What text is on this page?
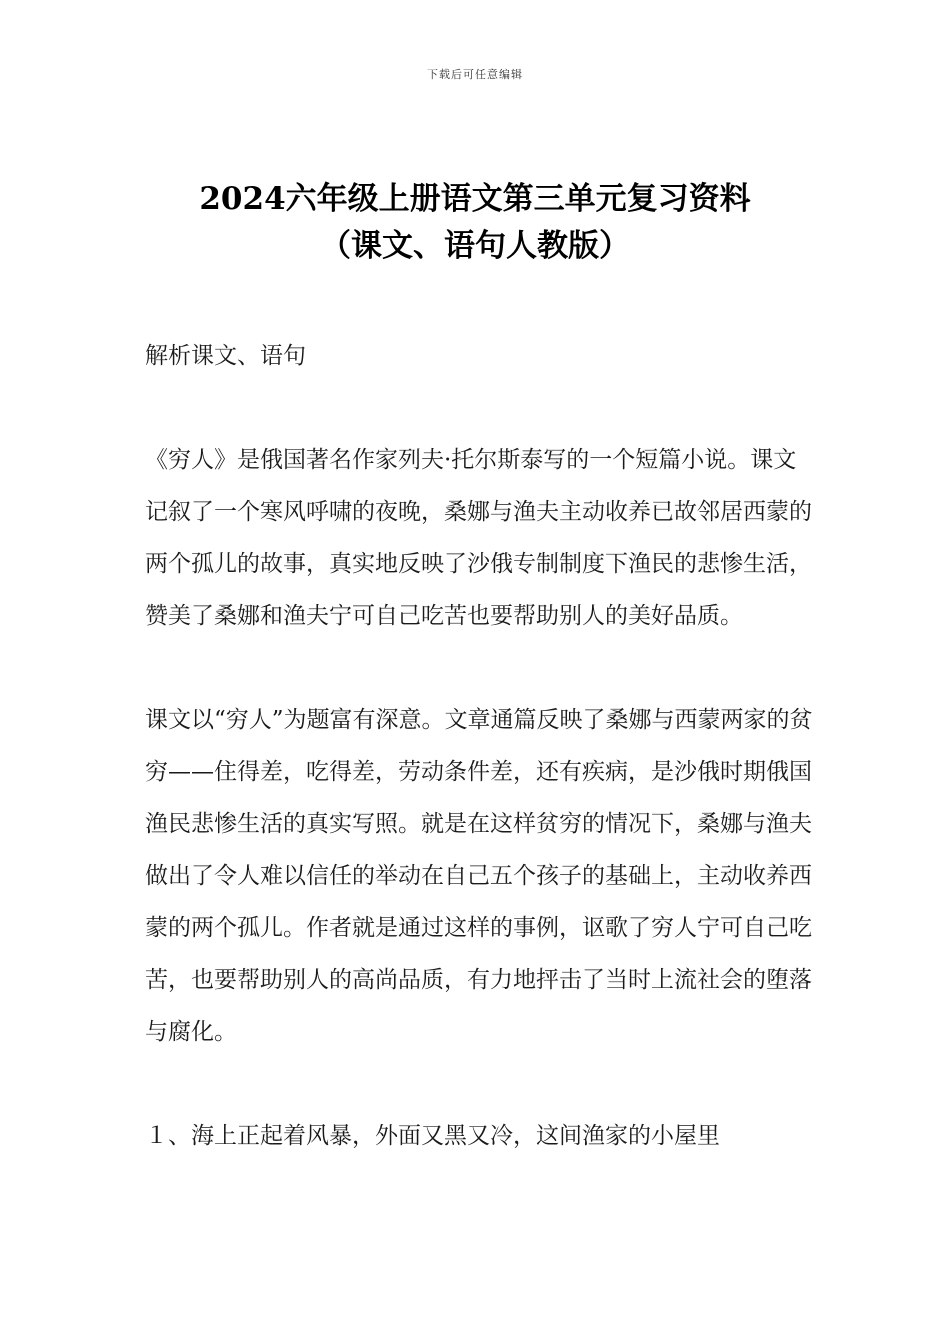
下载后可任意编辑
2024六年级上册语文第三单元复习资料
（课文、语句人教版）

解析课文、语句

《穷人》是俄国著名作家列夫·托尔斯泰写的一个短篇小说。课文记叙了一个寒风呼啸的夜晚，桑娜与渔夫主动收养已故邻居西蒙的两个孤儿的故事，真实地反映了沙俄专制制度下渔民的悲惨生活，赞美了桑娜和渔夫宁可自己吃苦也要帮助别人的美好品质。

课文以“穷人”为题富有深意。文章通篇反映了桑娜与西蒙两家的贫穷——住得差，吃得差，劳动条件差，还有疾病，是沙俄时期俄国渔民悲惨生活的真实写照。就是在这样贫穷的情况下，桑娜与渔夫做出了令人难以信任的举动在自己五个孩子的基础上，主动收养西蒙的两个孤儿。作者就是通过这样的事例，讴歌了穷人宁可自己吃苦，也要帮助别人的高尚品质，有力地抨击了当时上流社会的堕落与腐化。

１、海上正起着风暴，外面又黑又冷，这间渔家的小屋里
